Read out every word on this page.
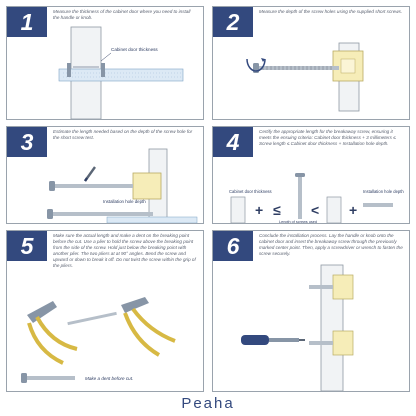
1	Measure the thickness of the cabinet door where you need to install the handle or knob.

Cabinet door thickness
2	Measure the depth of the screw holes using the supplied short screws.

3	Estimate the length needed based on the depth of the screw hole for the short screw test.

Installation hole depth
4	Certify the appropriate length for the breakaway screw, ensuring it meets the ensuing criteria: Cabinet door thickness + 3 millimeters ≤ Screw length ≤ Cabinet door thickness + Installation hole depth.

Cabinet door thickness
+ ≤
Length of screws used
< +
Installation hole depth
5	Make sure the actual length and make a dent on the breaking point before the cut. Use a plier to hold the screw above the breaking point from the side of the screw. Hold just below the breaking point with another plier. The two pliers at at 90° angles. Bend the screw and upward or down to break it off. Do not twist the screw within the grip of the pliers.

Make a dent before cut.
6	Conclude the installation process. Lay the handle or knob onto the cabinet door and insert the breakaway screw through the previously marked center point. Then, apply a screwdriver or wrench to fasten the screw securely.

Peaha
